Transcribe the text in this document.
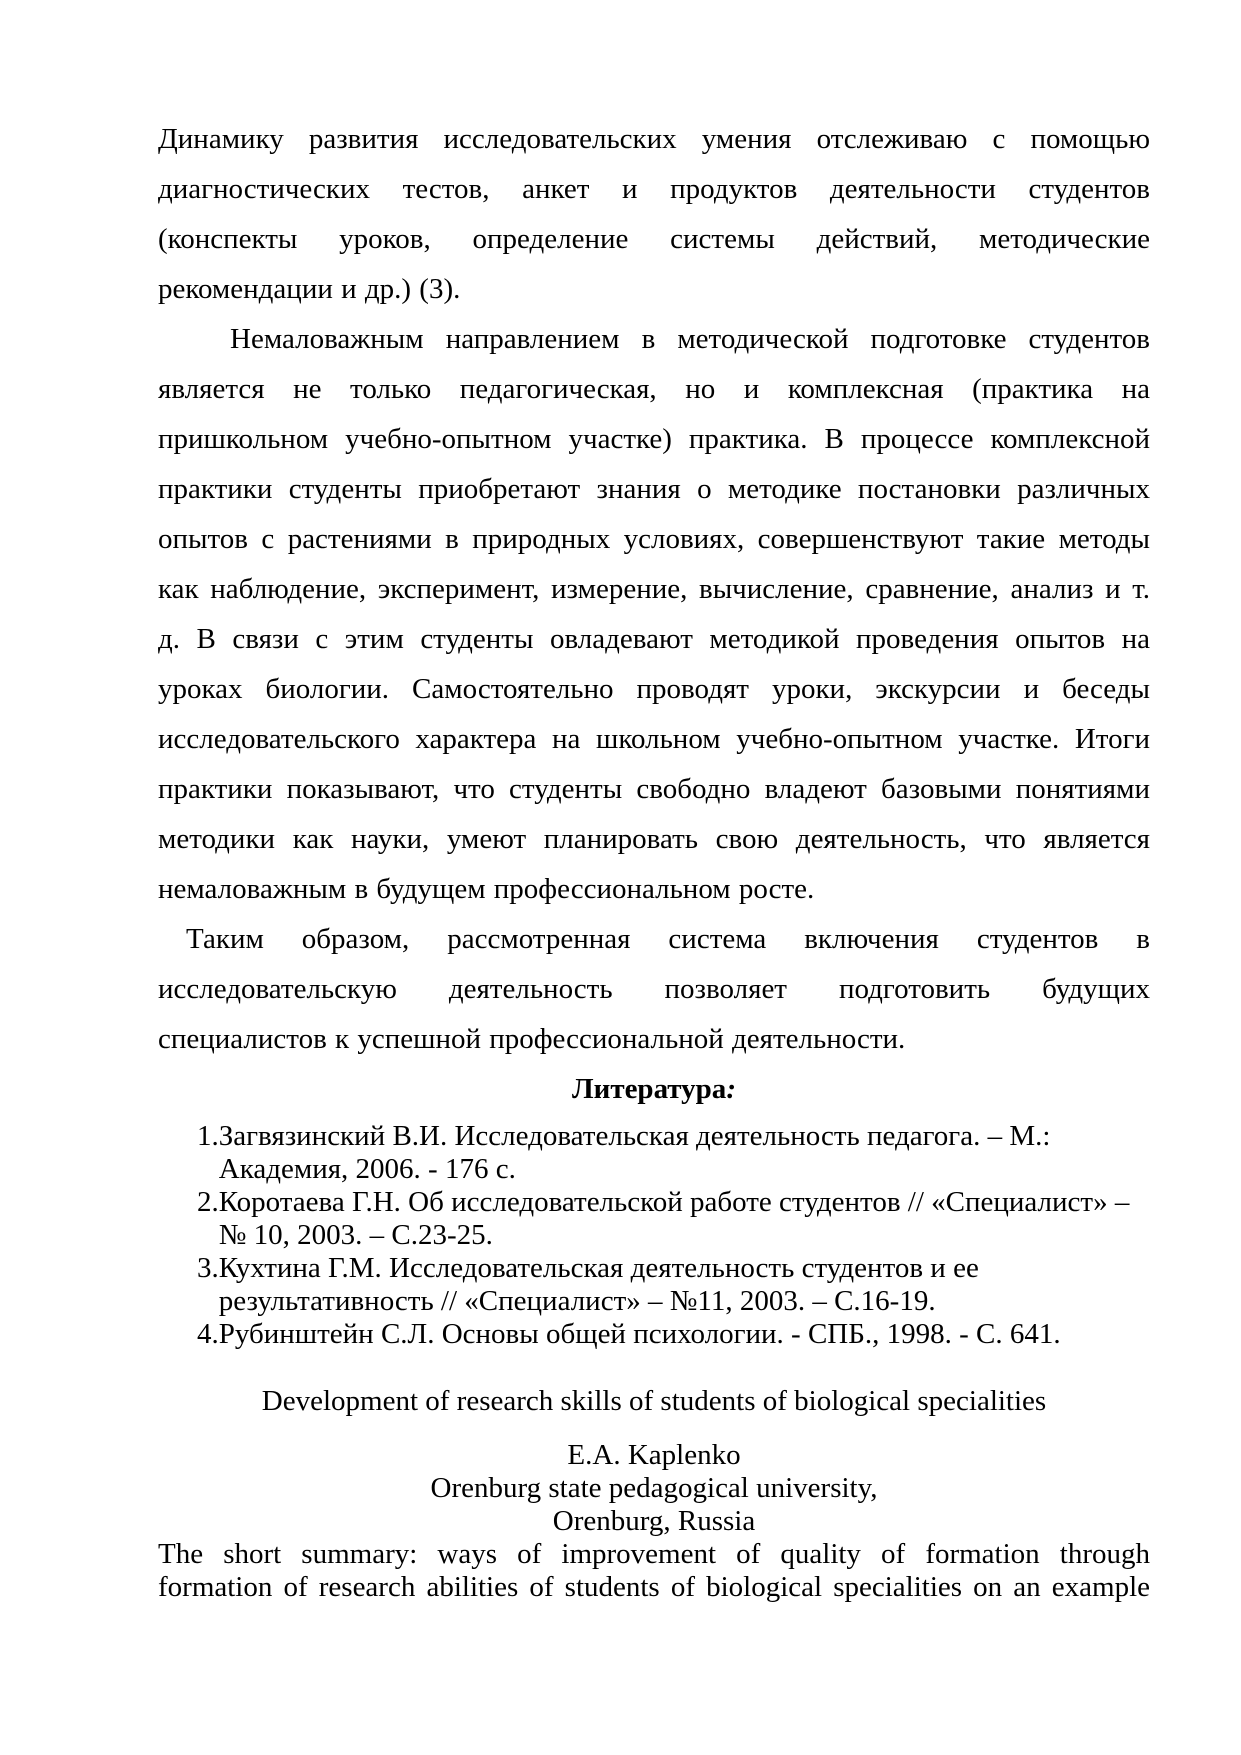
Динамику развития исследовательских умения отслеживаю с помощью диагностических тестов, анкет и продуктов деятельности студентов (конспекты уроков, определение системы действий, методические рекомендации и др.) (3).

Немаловажным направлением в методической подготовке студентов является не только педагогическая, но и комплексная (практика на пришкольном учебно-опытном участке) практика. В процессе комплексной практики студенты приобретают знания о методике постановки различных опытов с растениями в природных условиях, совершенствуют такие методы как наблюдение, эксперимент, измерение, вычисление, сравнение, анализ и т. д. В связи с этим студенты овладевают методикой проведения опытов на уроках биологии. Самостоятельно проводят уроки, экскурсии и беседы исследовательского характера на школьном учебно-опытном участке. Итоги практики показывают, что студенты свободно владеют базовыми понятиями методики как науки, умеют планировать свою деятельность, что является немаловажным в будущем профессиональном росте.

Таким образом, рассмотренная система включения студентов в исследовательскую деятельность позволяет подготовить будущих специалистов к успешной профессиональной деятельности.

Литература:

1. Загвязинский В.И. Исследовательская деятельность педагога. – М.: Академия, 2006. - 176 с.
2. Коротаева Г.Н. Об исследовательской работе студентов // «Специалист» – № 10, 2003. – С.23-25.
3. Кухтина Г.М. Исследовательская деятельность студентов и ее результативность // «Специалист» – №11, 2003. – С.16-19.
4. Рубинштейн С.Л. Основы общей психологии. - СПБ., 1998. - С. 641.

Development of research skills of students of biological specialities

E.A. Kaplenko
Orenburg state pedagogical university,
Orenburg, Russia

The short summary: ways of improvement of quality of formation through formation of research abilities of students of biological specialities on an example
